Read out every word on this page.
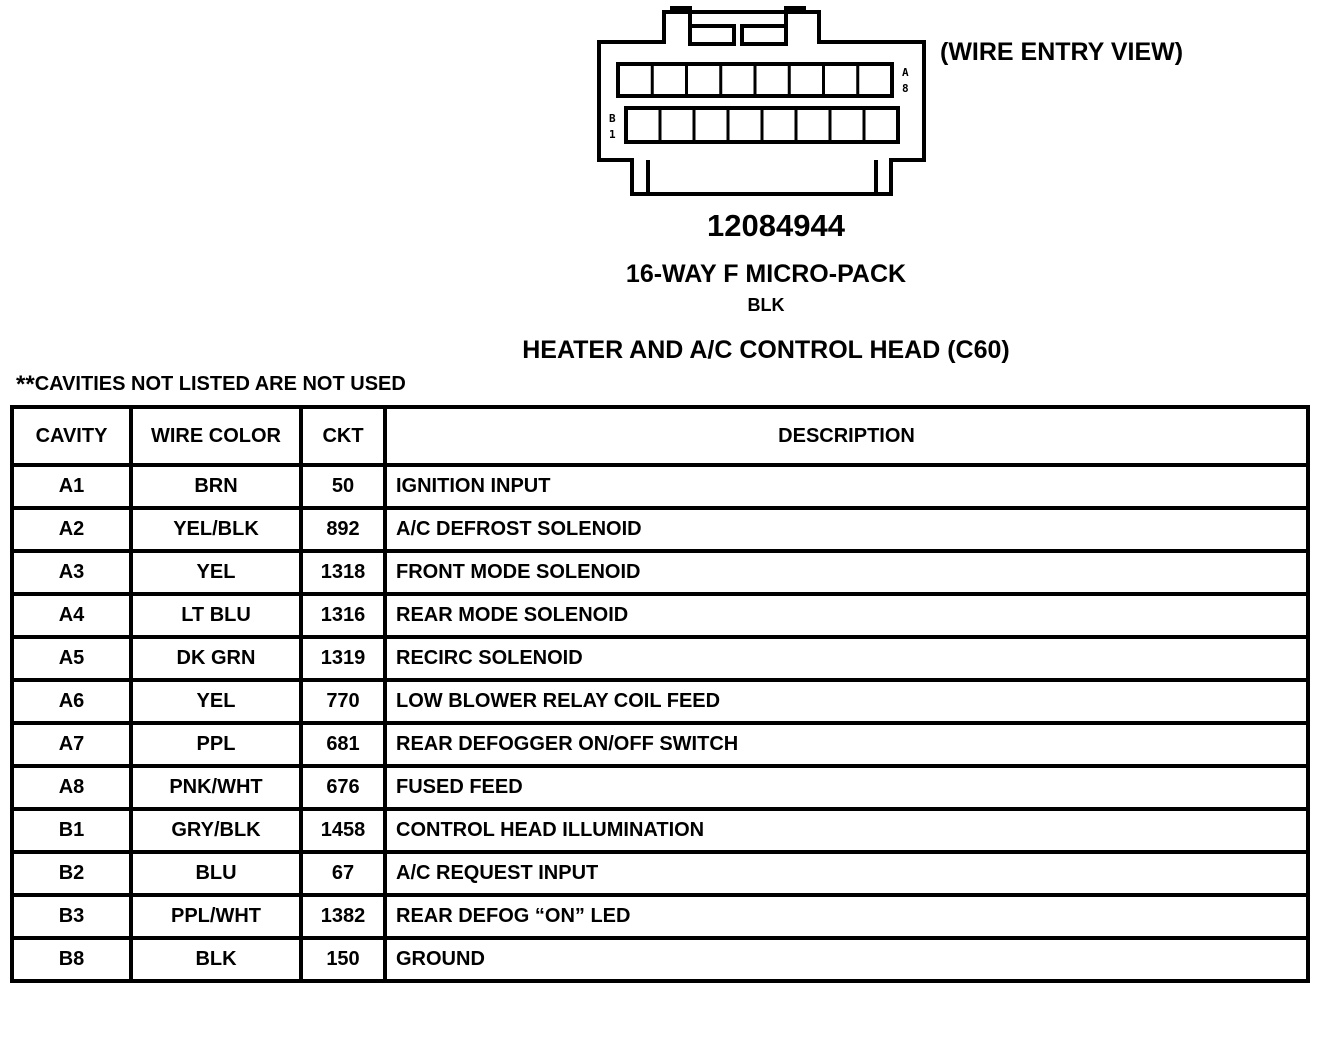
A
8
B
1
(WIRE ENTRY VIEW)
12084944
16-WAY F MICRO-PACK
BLK
HEATER AND A/C CONTROL HEAD (C60)
**CAVITIES NOT LISTED ARE NOT USED
CAVITY	WIRE COLOR	CKT	DESCRIPTION
A1	BRN	50	IGNITION INPUT
A2	YEL/BLK	892	A/C DEFROST SOLENOID
A3	YEL	1318	FRONT MODE SOLENOID
A4	LT BLU	1316	REAR MODE SOLENOID
A5	DK GRN	1319	RECIRC SOLENOID
A6	YEL	770	LOW BLOWER RELAY COIL FEED
A7	PPL	681	REAR DEFOGGER ON/OFF SWITCH
A8	PNK/WHT	676	FUSED FEED
B1	GRY/BLK	1458	CONTROL HEAD ILLUMINATION
B2	BLU	67	A/C REQUEST INPUT
B3	PPL/WHT	1382	REAR DEFOG “ON” LED
B8	BLK	150	GROUND
